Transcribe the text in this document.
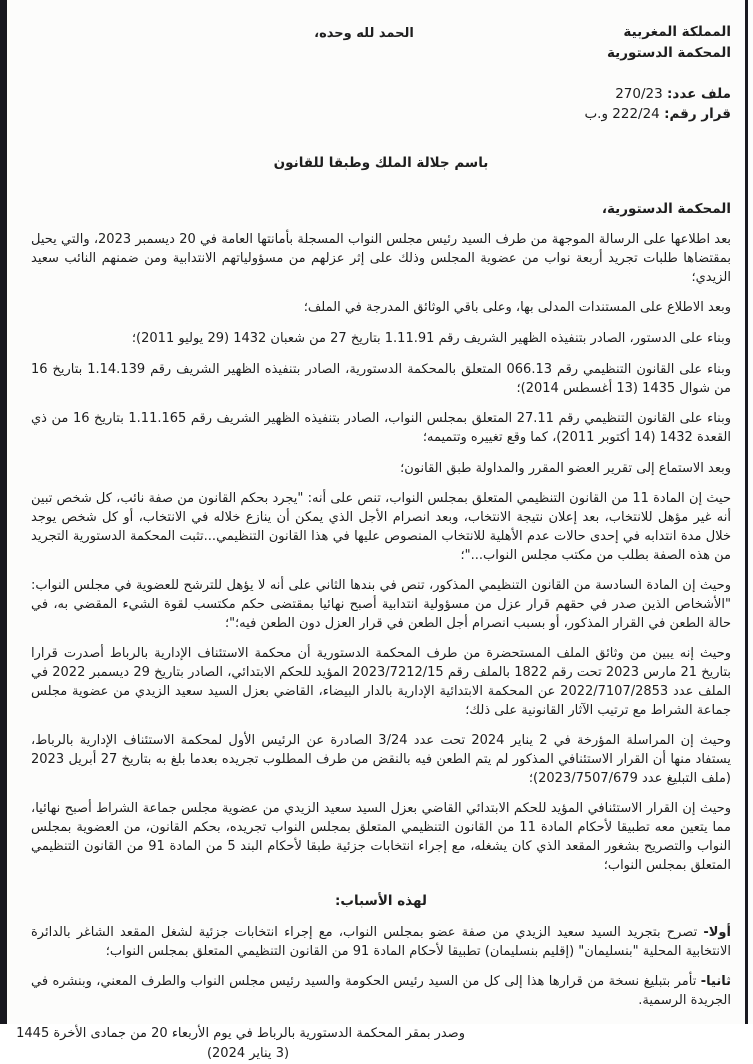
المملكة المغربية
المحكمة الدستورية
الحمد لله وحده،
ملف عدد: 270/23
قرار رقم: 222/24 و.ب
باسم جلالة الملك وطبقا للقانون
المحكمة الدستورية،

بعد اطلاعها على الرسالة الموجهة من طرف السيد رئيس مجلس النواب المسجلة بأمانتها العامة في 20 ديسمبر 2023، والتي يحيل بمقتضاها طلبات تجريد أربعة نواب من عضوية المجلس وذلك على إثر عزلهم من مسؤولياتهم الانتدابية ومن ضمنهم النائب سعيد الزيدي؛

وبعد الاطلاع على المستندات المدلى بها، وعلى باقي الوثائق المدرجة في الملف؛

وبناء على الدستور، الصادر بتنفيذه الظهير الشريف رقم 1.11.91 بتاريخ 27 من شعبان 1432 (29 يوليو 2011)؛

وبناء على القانون التنظيمي رقم 066.13 المتعلق بالمحكمة الدستورية، الصادر بتنفيذه الظهير الشريف رقم 1.14.139 بتاريخ 16 من شوال 1435 (13 أغسطس 2014)؛

وبناء على القانون التنظيمي رقم 27.11 المتعلق بمجلس النواب، الصادر بتنفيذه الظهير الشريف رقم 1.11.165 بتاريخ 16 من ذي القعدة 1432 (14 أكتوبر 2011)، كما وقع تغييره وتتميمه؛

وبعد الاستماع إلى تقرير العضو المقرر والمداولة طبق القانون؛

حيث إن المادة 11 من القانون التنظيمي المتعلق بمجلس النواب، تنص على أنه: "يجرد بحكم القانون من صفة نائب، كل شخص تبين أنه غير مؤهل للانتخاب، بعد إعلان نتيجة الانتخاب، وبعد انصرام الأجل الذي يمكن أن ينازع خلاله في الانتخاب، أو كل شخص يوجد خلال مدة انتدابه في إحدى حالات عدم الأهلية للانتخاب المنصوص عليها في هذا القانون التنظيمي...تثبت المحكمة الدستورية التجريد من هذه الصفة بطلب من مكتب مجلس النواب..."؛

وحيث إن المادة السادسة من القانون التنظيمي المذكور، تنص في بندها الثاني على أنه لا يؤهل للترشح للعضوية في مجلس النواب: "الأشخاص الذين صدر في حقهم قرار عزل من مسؤولية انتدابية أصبح نهائيا بمقتضى حكم مكتسب لقوة الشيء المقضي به، في حالة الطعن في القرار المذكور، أو بسبب انصرام أجل الطعن في قرار العزل دون الطعن فيه؛"؛

وحيث إنه يبين من وثائق الملف المستحضرة من طرف المحكمة الدستورية أن محكمة الاستئناف الإدارية بالرباط أصدرت قرارا بتاريخ 21 مارس 2023 تحت رقم 1822 بالملف رقم 2023/7212/15 المؤيد للحكم الابتدائي، الصادر بتاريخ 29 ديسمبر 2022 في الملف عدد 2022/7107/2853 عن المحكمة الابتدائية الإدارية بالدار البيضاء، القاضي بعزل السيد سعيد الزيدي من عضوية مجلس جماعة الشراط مع ترتيب الآثار القانونية على ذلك؛

وحيث إن المراسلة المؤرخة في 2 يناير 2024 تحت عدد 3/24 الصادرة عن الرئيس الأول لمحكمة الاستئناف الإدارية بالرباط، يستفاد منها أن القرار الاستئنافي المذكور لم يتم الطعن فيه بالنقض من طرف المطلوب تجريده بعدما بلغ به بتاريخ 27 أبريل 2023 (ملف التبليغ عدد 2023/7507/679)؛

وحيث إن القرار الاستئنافي المؤيد للحكم الابتدائي القاضي بعزل السيد سعيد الزيدي من عضوية مجلس جماعة الشراط أصبح نهائيا، مما يتعين معه تطبيقا لأحكام المادة 11 من القانون التنظيمي المتعلق بمجلس النواب تجريده، بحكم القانون، من العضوية بمجلس النواب والتصريح بشغور المقعد الذي كان يشغله، مع إجراء انتخابات جزئية طبقا لأحكام البند 5 من المادة 91 من القانون التنظيمي المتعلق بمجلس النواب؛

لهذه الأسباب:

أولا- تصرح بتجريد السيد سعيد الزيدي من صفة عضو بمجلس النواب، مع إجراء انتخابات جزئية لشغل المقعد الشاغر بالدائرة الانتخابية المحلية "بنسليمان" (إقليم بنسليمان) تطبيقا لأحكام المادة 91 من القانون التنظيمي المتعلق بمجلس النواب؛

ثانيا- تأمر بتبليغ نسخة من قرارها هذا إلى كل من السيد رئيس الحكومة والسيد رئيس مجلس النواب والطرف المعني، وبنشره في الجريدة الرسمية.

وصدر بمقر المحكمة الدستورية بالرباط في يوم الأربعاء 20 من جمادى الأخرة 1445
(3 يناير 2024)
